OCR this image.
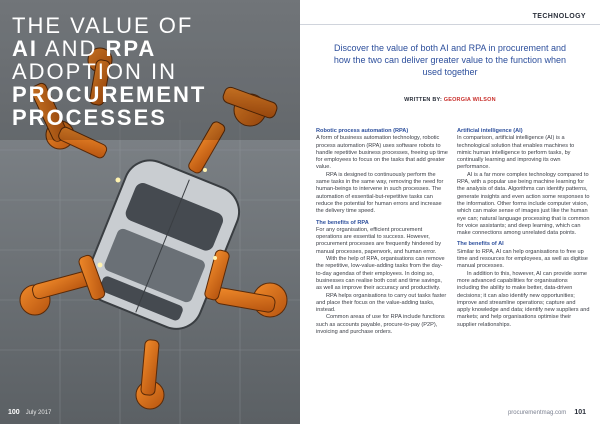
THE VALUE OF
AI AND RPA
ADOPTION IN
PROCUREMENT
PROCESSES
100 July 2017
TECHNOLOGY
Discover the value of both AI and RPA in procurement and how the two can deliver greater value to the function when used together
WRITTEN BY: GEORGIA WILSON
Robotic process automation (RPA)

A form of business automation technology, robotic process automation (RPA) uses software robots to handle repetitive business processes, freeing up time for employees to focus on the tasks that add greater value.

RPA is designed to continuously perform the same tasks in the same way, removing the need for human-beings to intervene in such processes. The automation of essential-but-repetitive tasks can reduce the potential for human errors and increase the delivery time speed.

The benefits of RPA

For any organisation, efficient procurement operations are essential to success. However, procurement processes are frequently hindered by manual processes, paperwork, and human error.

With the help of RPA, organisations can remove the repetitive, low-value-adding tasks from the day-to-day agendas of their employees. In doing so, businesses can realise both cost and time savings, as well as improve their accuracy and productivity.

RPA helps organisations to carry out tasks faster and place their focus on the value-adding tasks, instead.

Common areas of use for RPA include functions such as accounts payable, procure-to-pay (P2P), invoicing and purchase orders.

Artificial intelligence (AI)

In comparison, artificial intelligence (AI) is a technological solution that enables machines to mimic human intelligence to perform tasks, by continually learning and improving its own performance.

AI is a far more complex technology compared to RPA, with a popular use being machine learning for the analysis of data. Algorithms can identify patterns, generate insights and even action some responses to the information. Other forms include computer vision, which can make sense of images just like the human eye can; natural language processing that is common for voice assistants; and deep learning, which can make connections among unrelated data points.

The benefits of AI

Similar to RPA, AI can help organisations to free up time and resources for employees, as well as digitise manual processes.

In addition to this, however, AI can provide some more advanced capabilities for organisations including the ability to make better, data-driven decisions; it can also identify new opportunities; improve and streamline operations; capture and apply knowledge and data; identify new suppliers and markets; and help organisations optimise their supplier relationships.

procurementmag.com 101
